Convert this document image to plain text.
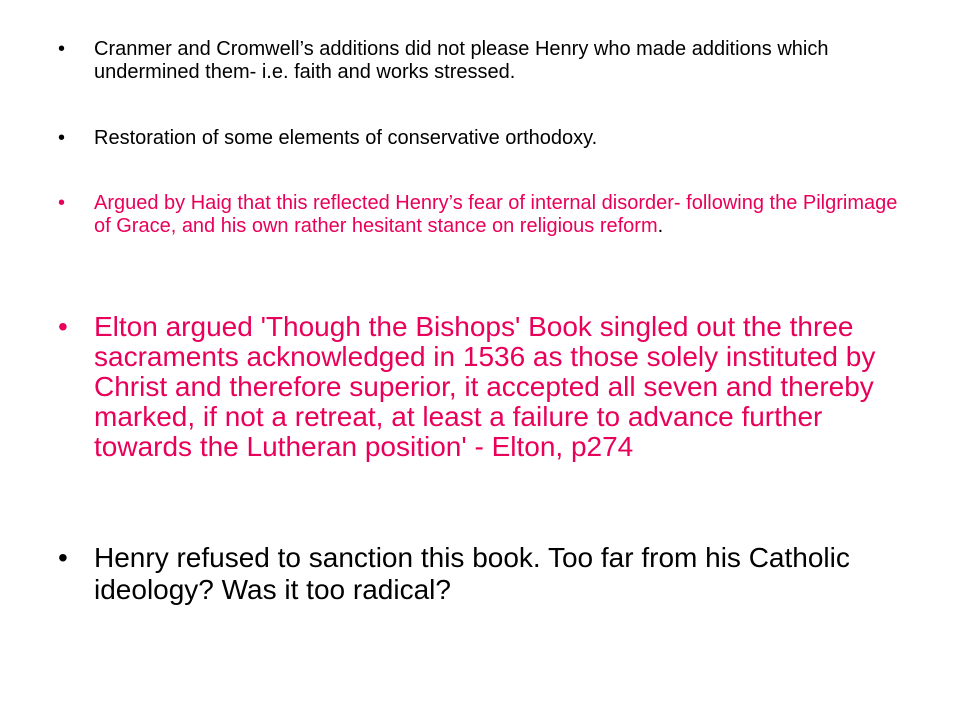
•	Cranmer and Cromwell’s additions did not please Henry who made additions which undermined them- i.e. faith and works stressed.
•	Restoration of some elements of conservative orthodoxy.
•	Argued by Haig that this reflected Henry’s fear of internal disorder- following the Pilgrimage of Grace, and his own rather hesitant stance on religious reform.
• Elton argued 'Though the Bishops' Book singled out the three sacraments acknowledged in 1536 as those solely instituted by Christ and therefore superior, it accepted all seven and thereby marked, if not a retreat, at least a failure to advance further towards the Lutheran position' - Elton, p274
• Henry refused to sanction this book. Too far from his Catholic ideology? Was it too radical?
